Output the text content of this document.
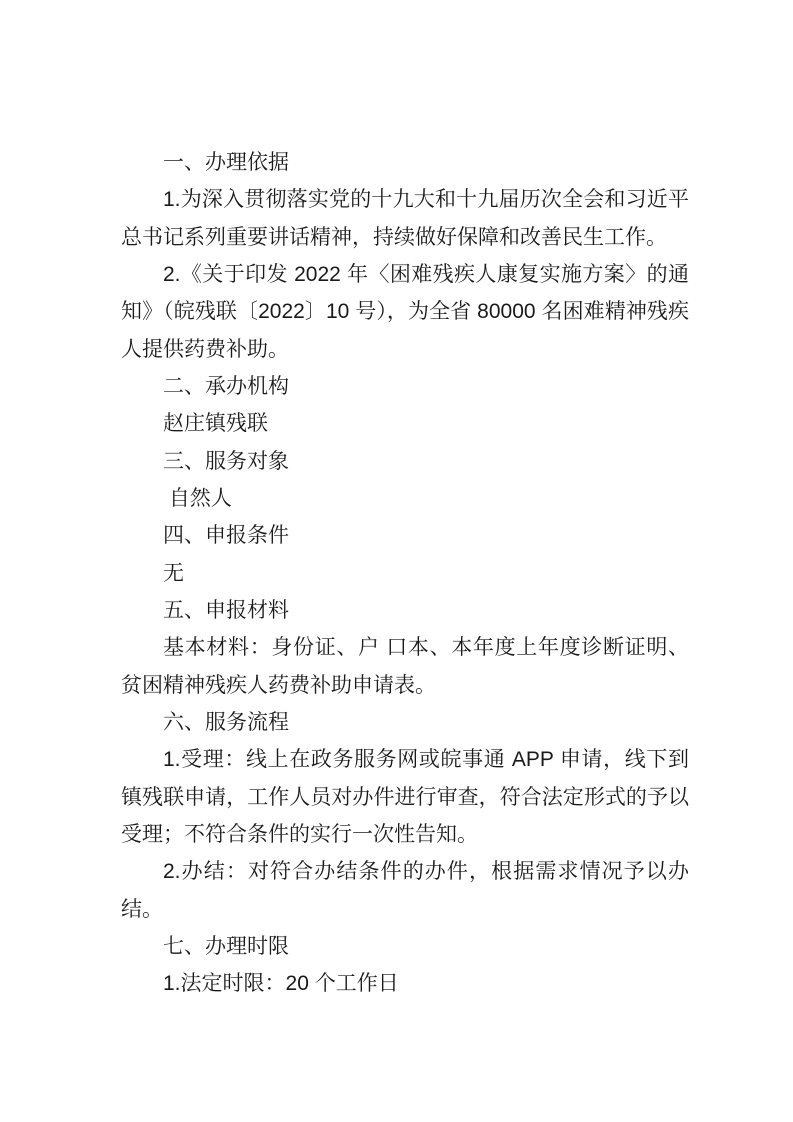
一、办理依据

1.为深入贯彻落实党的十九大和十九届历次全会和习近平总书记系列重要讲话精神，持续做好保障和改善民生工作。

2.《关于印发 2022 年〈困难残疾人康复实施方案〉的通知》（皖残联〔2022〕10 号），为全省 80000 名困难精神残疾人提供药费补助。

二、承办机构

赵庄镇残联

三、服务对象

自然人

四、申报条件

无

五、申报材料

基本材料：身份证、户 口本、本年度上年度诊断证明、贫困精神残疾人药费补助申请表。

六、服务流程

1.受理：线上在政务服务网或皖事通 APP 申请，线下到镇残联申请，工作人员对办件进行审查，符合法定形式的予以受理；不符合条件的实行一次性告知。

2.办结：对符合办结条件的办件，根据需求情况予以办结。

七、办理时限

1.法定时限：20 个工作日
